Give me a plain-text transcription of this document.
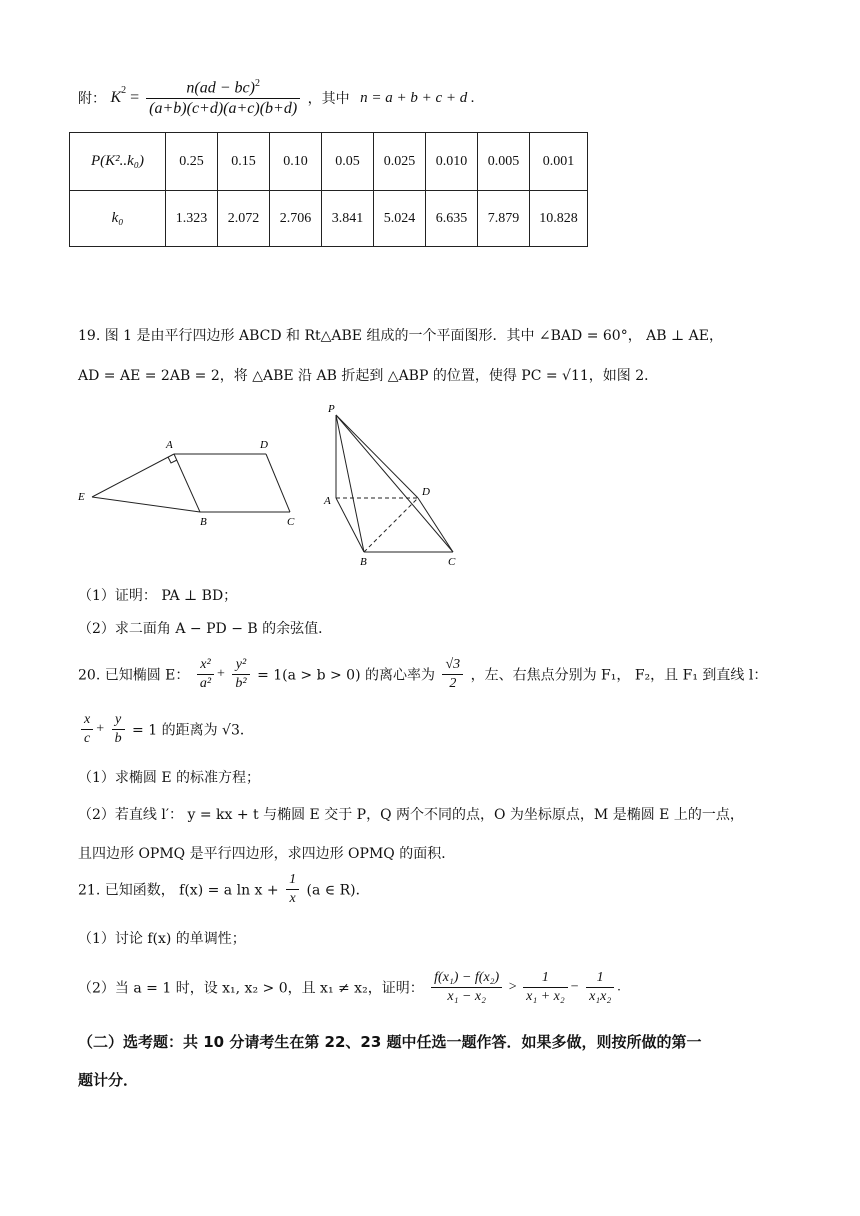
附： $K^2 = \frac{n(ad - bc)^2}{(a+b)(c+d)(a+c)(b+d)}$ ，其中 n = a + b + c + d .
P(K²..k₀)	0.25	0.15	0.10	0.05	0.025	0.010	0.005	0.001
k₀	1.323	2.072	2.706	3.841	5.024	6.635	7.879	10.828
19. 图 1 是由平行四边形 ABCD 和 Rt△ABE 组成的一个平面图形．其中 ∠BAD = 60°， AB ⊥ AE，
AD = AE = 2AB = 2，将 △ABE 沿 AB 折起到 △ABP 的位置，使得 PC = √11，如图 2．
A	D
E
B	C
P
A
D
B	C
（1）证明： PA ⊥ BD；
（2）求二面角 A − PD − B 的余弦值．
20. 已知椭圆 E： $\frac{\text{x²}}{\text{a²}} + \frac{\text{y²}}{\text{b²}} = 1(a > b > 0)$ 的离心率为 $\frac{√3}{2}$ ，左、右焦点分别为 F₁， F₂，且 F₁ 到直线 l：
$\frac{x}{c} + \frac{y}{b} = 1$ 的距离为 √3．
（1）求椭圆 E 的标准方程；
（2）若直线 l′： y = kx + t 与椭圆 E 交于 P，Q 两个不同的点，O 为坐标原点，M 是椭圆 E 上的一点，
且四边形 OPMQ 是平行四边形，求四边形 OPMQ 的面积．
21. 已知函数， f(x) = a $\ln x + \frac{1}{x} (a$ ∈ R)．
（1）讨论 f(x) 的单调性；
（2）当 a = 1 时，设 x₁, x₂ > 0，且 x₁ ≠ x₂，证明： $\frac{\text{f(x₁) − f(x₂)}}{\text{x₁ − x₂}} > \frac{1}{\text{x₁ + x₂}} - \frac{1}{\text{x₁x₂}}$ .
（二）选考题：共 10 分请考生在第 22、23 题中任选一题作答．如果多做，则按所做的第一
题计分．
